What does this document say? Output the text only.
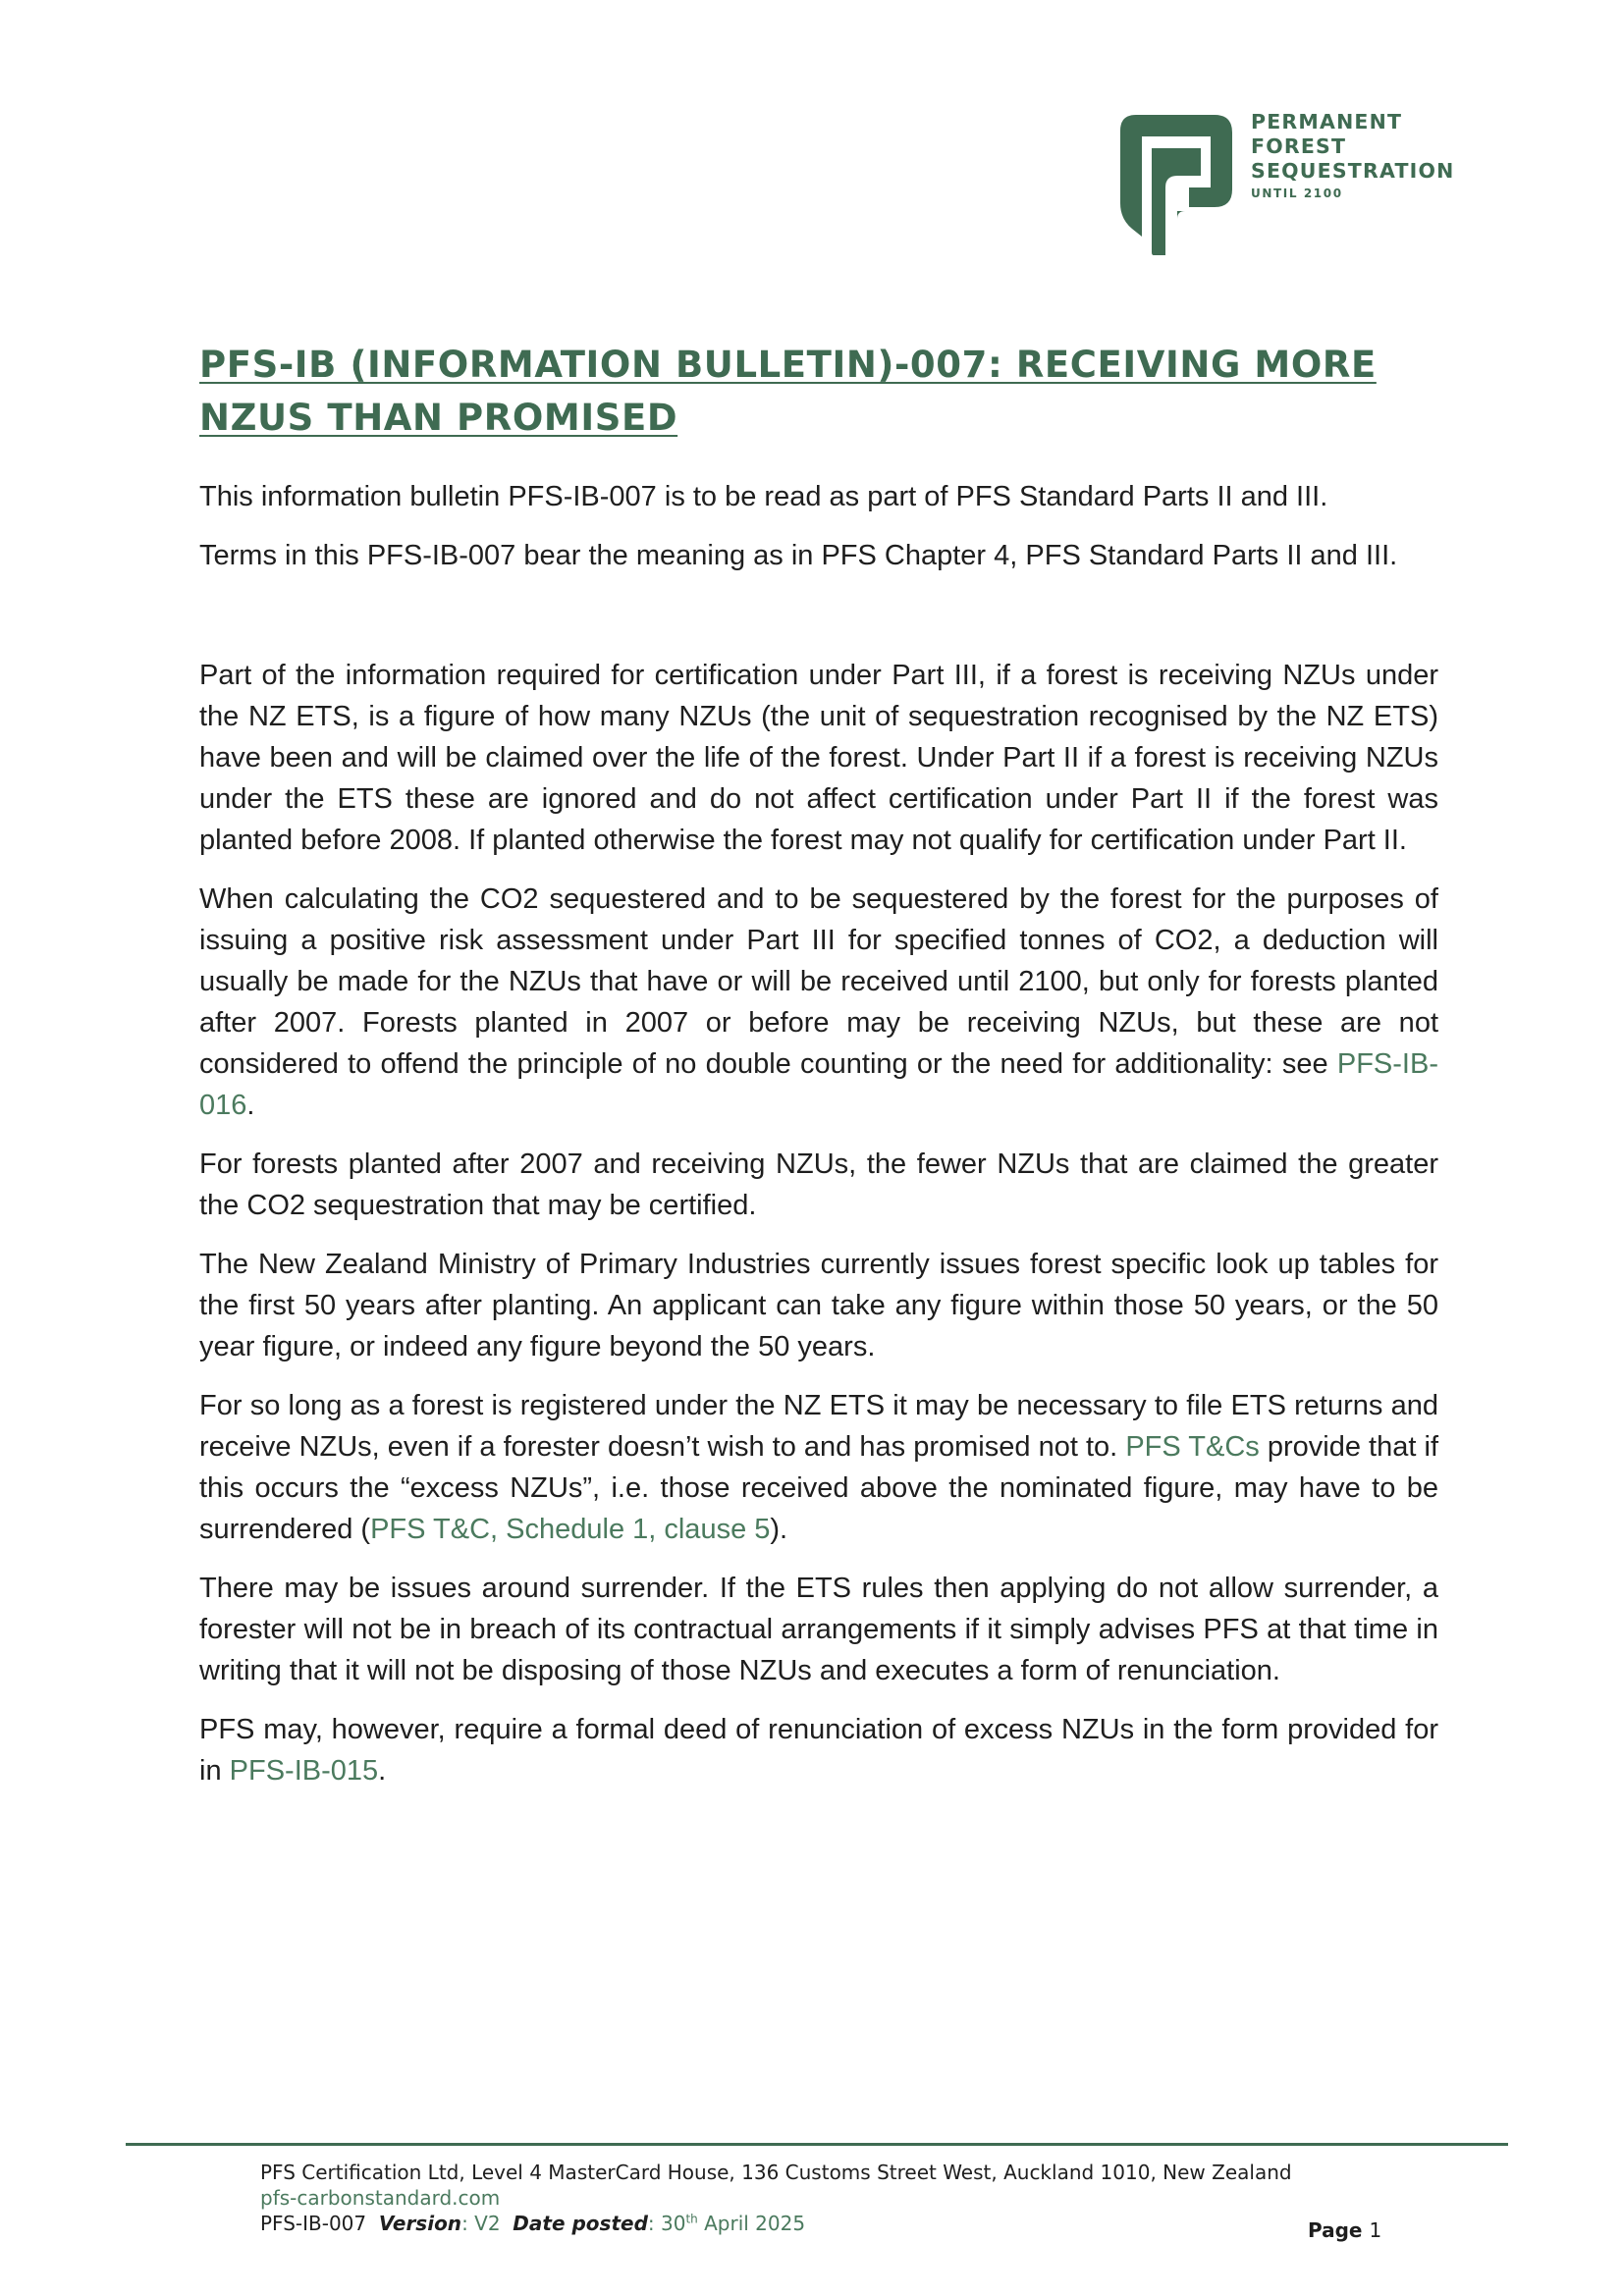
PERMANENT
FOREST
SEQUESTRATION
UNTIL 2100
PFS-IB (INFORMATION BULLETIN)-007: RECEIVING MORE NZUS THAN PROMISED

This information bulletin PFS-IB-007 is to be read as part of PFS Standard Parts II and III.

Terms in this PFS-IB-007 bear the meaning as in PFS Chapter 4, PFS Standard Parts II and III.

Part of the information required for certification under Part III, if a forest is receiving NZUs under the NZ ETS, is a figure of how many NZUs (the unit of sequestration recognised by the NZ ETS) have been and will be claimed over the life of the forest. Under Part II if a forest is receiving NZUs under the ETS these are ignored and do not affect certification under Part II if the forest was planted before 2008. If planted otherwise the forest may not qualify for certification under Part II.

When calculating the CO2 sequestered and to be sequestered by the forest for the purposes of issuing a positive risk assessment under Part III for specified tonnes of CO2, a deduction will usually be made for the NZUs that have or will be received until 2100, but only for forests planted after 2007. Forests planted in 2007 or before may be receiving NZUs, but these are not considered to offend the principle of no double counting or the need for additionality: see PFS-IB-016.

For forests planted after 2007 and receiving NZUs, the fewer NZUs that are claimed the greater the CO2 sequestration that may be certified.

The New Zealand Ministry of Primary Industries currently issues forest specific look up tables for the first 50 years after planting. An applicant can take any figure within those 50 years, or the 50 year figure, or indeed any figure beyond the 50 years.

For so long as a forest is registered under the NZ ETS it may be necessary to file ETS returns and receive NZUs, even if a forester doesn’t wish to and has promised not to. PFS T&Cs provide that if this occurs the “excess NZUs”, i.e. those received above the nominated figure, may have to be surrendered (PFS T&C, Schedule 1, clause 5).

There may be issues around surrender. If the ETS rules then applying do not allow surrender, a forester will not be in breach of its contractual arrangements if it simply advises PFS at that time in writing that it will not be disposing of those NZUs and executes a form of renunciation.

PFS may, however, require a formal deed of renunciation of excess NZUs in the form provided for in PFS-IB-015.

PFS Certification Ltd, Level 4 MasterCard House, 136 Customs Street West, Auckland 1010, New Zealand
pfs-carbonstandard.com
PFS-IB-007 Version: V2 Date posted: 30th April 2025	Page 1
